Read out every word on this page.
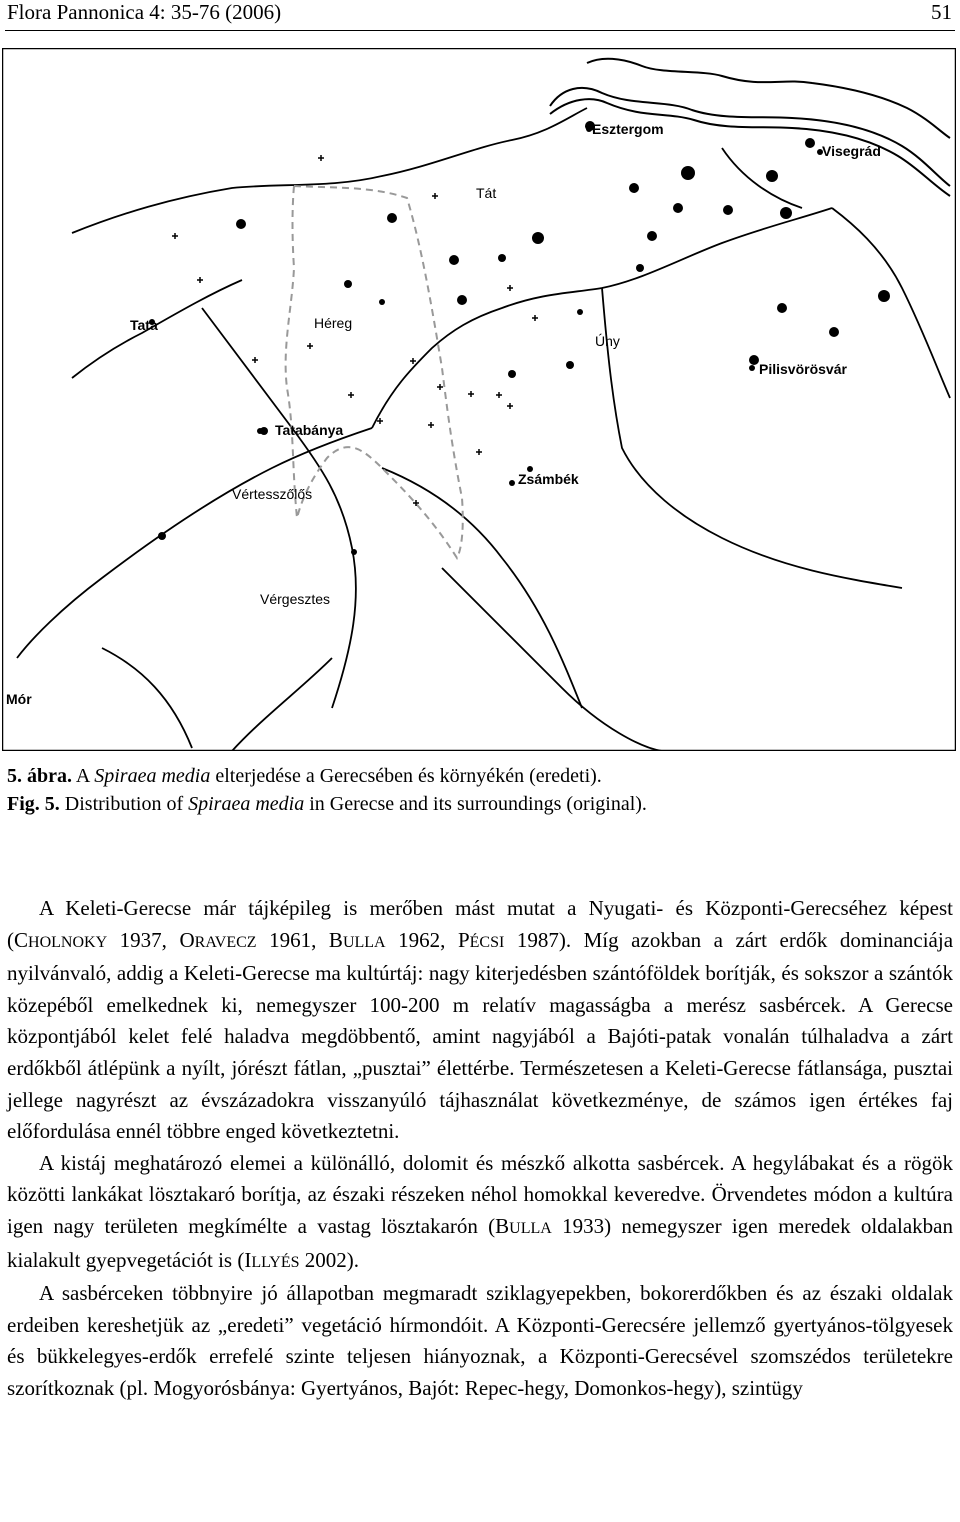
Flora Pannonica 4: 35-76 (2006)	51
Esztergom
Visegrád
Tát
Tata	Héreg
Úny
Pilisvörösvár
Tatabánya
Zsámbék
Vértesszőlős
Vérgesztes
Mór
5. ábra. A Spiraea media elterjedése a Gerecsében és környékén (eredeti).
Fig. 5. Distribution of Spiraea media in Gerecse and its surroundings (original).

A Keleti-Gerecse már tájképileg is merőben mást mutat a Nyugati- és Központi-Gerecséhez képest (CHOLNOKY 1937, ORAVECZ 1961, BULLA 1962, PÉCSI 1987). Míg azokban a zárt erdők dominanciája nyilvánvaló, addig a Keleti-Gerecse ma kultúrtáj: nagy kiterjedésben szántóföldek borítják, és sokszor a szántók közepéből emelkednek ki, nemegyszer 100-200 m relatív magasságba a merész sasbércek. A Gerecse központjából kelet felé haladva megdöbbentő, amint nagyjából a Bajóti-patak vonalán túlhaladva a zárt erdőkből átlépünk a nyílt, jórészt fátlan, „pusztai” élettérbe. Természetesen a Keleti-Gerecse fátlansága, pusztai jellege nagyrészt az évszázadokra visszanyúló tájhasználat következménye, de számos igen értékes faj előfordulása ennél többre enged következtetni.

A kistáj meghatározó elemei a különálló, dolomit és mészkő alkotta sasbércek. A hegylábakat és a rögök közötti lankákat lösztakaró borítja, az északi részeken néhol homokkal keveredve. Örvendetes módon a kultúra igen nagy területen megkímélte a vastag lösztakarón (BULLA 1933) nemegyszer igen meredek oldalakban kialakult gyepvegetációt is (ILLYÉS 2002).

A sasbérceken többnyire jó állapotban megmaradt sziklagyepekben, bokorerdőkben és az északi oldalak erdeiben kereshetjük az „eredeti” vegetáció hírmondóit. A Központi-Gerecsére jellemző gyertyános-tölgyesek és bükkelegyes-erdők errefelé szinte teljesen hiányoznak, a Központi-Gerecsével szomszédos területekre szorítkoznak (pl. Mogyorósbánya: Gyertyános, Bajót: Repec-hegy, Domonkos-hegy), szintügy
